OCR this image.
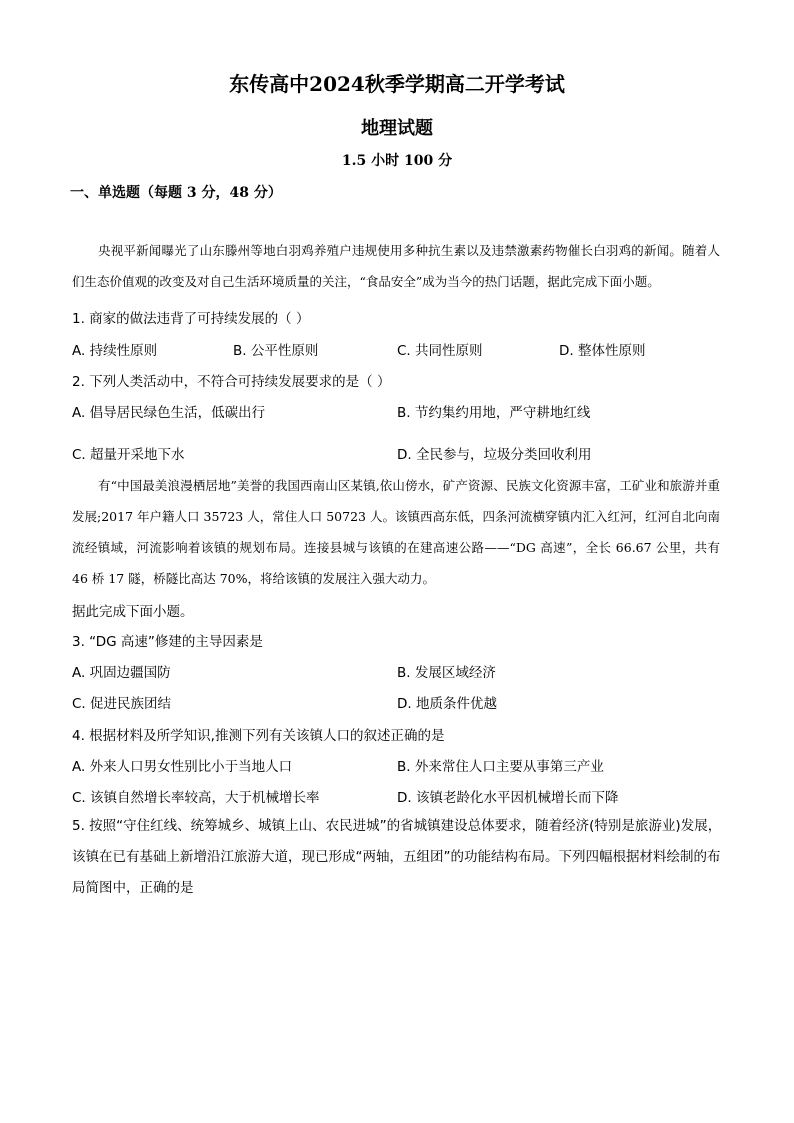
东传高中2024秋季学期高二开学考试
地理试题
1.5 小时 100 分
一、单选题（每题 3 分，48 分）
央视平新闻曝光了山东滕州等地白羽鸡养殖户违规使用多种抗生素以及违禁激素药物催长白羽鸡的新闻。随着人们生态价值观的改变及对自己生活环境质量的关注，“食品安全”成为当今的热门话题，据此完成下面小题。
1. 商家的做法违背了可持续发展的（ ）
A. 持续性原则	B. 公平性原则	C. 共同性原则	D. 整体性原则
2. 下列人类活动中，不符合可持续发展要求的是（ ）
A. 倡导居民绿色生活，低碳出行	B. 节约集约用地，严守耕地红线
C. 超量开采地下水	D. 全民参与，垃圾分类回收利用
有“中国最美浪漫栖居地”美誉的我国西南山区某镇,依山傍水，矿产资源、民族文化资源丰富，工矿业和旅游并重发展;2017 年户籍人口 35723 人，常住人口 50723 人。该镇西高东低，四条河流横穿镇内汇入红河，红河自北向南流经镇域，河流影响着该镇的规划布局。连接县城与该镇的在建高速公路——“DG 高速”，全长 66.67 公里，共有 46 桥 17 隧，桥隧比高达 70%，将给该镇的发展注入强大动力。
据此完成下面小题。
3. “DG 高速”修建的主导因素是
A. 巩固边疆国防	B. 发展区域经济
C. 促进民族团结	D. 地质条件优越
4. 根据材料及所学知识,推测下列有关该镇人口的叙述正确的是
A. 外来人口男女性别比小于当地人口	B. 外来常住人口主要从事第三产业
C. 该镇自然增长率较高，大于机械增长率	D. 该镇老龄化水平因机械增长而下降
5. 按照“守住红线、统筹城乡、城镇上山、农民进城”的省城镇建设总体要求，随着经济(特别是旅游业)发展，该镇在已有基础上新增沿江旅游大道，现已形成“两轴，五组团”的功能结构布局。下列四幅根据材料绘制的布局简图中，正确的是
